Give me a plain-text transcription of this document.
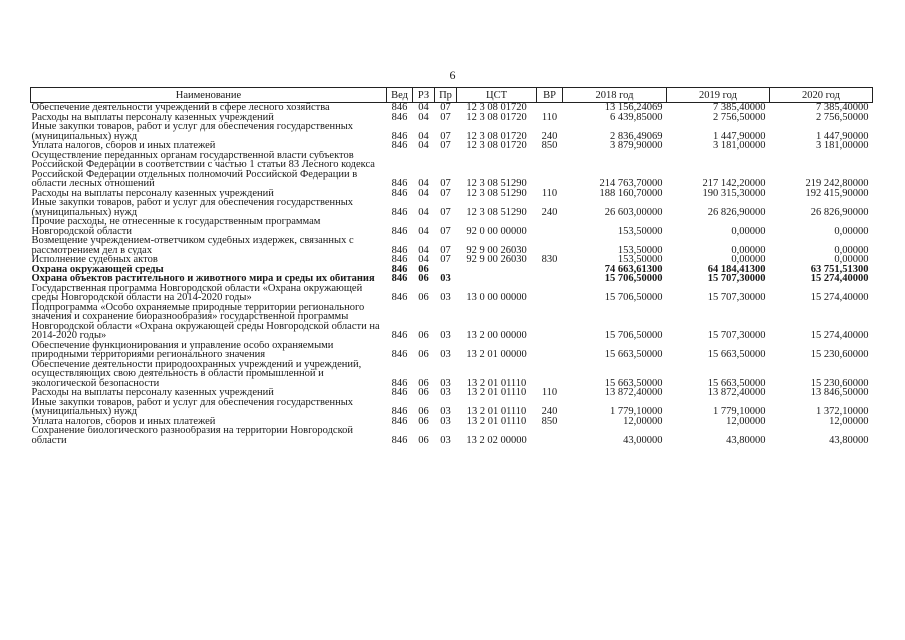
6
Наименование	Вед	РЗ	Пр	ЦСТ	ВР	2018 год	2019 год	2020 год
Обеспечение деятельности учреждений в сфере лесного хозяйства	846	04	07	12 3 08 01720		13 156,24069	7 385,40000	7 385,40000
Расходы на выплаты персоналу казенных учреждений	846	04	07	12 3 08 01720	110	6 439,85000	2 756,50000	2 756,50000
Иные закупки товаров, работ и услуг для обеспечения государственных (муниципальных) нужд	846	04	07	12 3 08 01720	240	2 836,49069	1 447,90000	1 447,90000
Уплата налогов, сборов и иных платежей	846	04	07	12 3 08 01720	850	3 879,90000	3 181,00000	3 181,00000
Осуществление переданных органам государственной власти субъектов Российской Федерации в соответствии с частью 1 статьи 83 Лесного кодекса Российской Федерации отдельных полномочий Российской Федерации в области лесных отношений	846	04	07	12 3 08 51290		214 763,70000	217 142,20000	219 242,80000
Расходы на выплаты персоналу казенных учреждений	846	04	07	12 3 08 51290	110	188 160,70000	190 315,30000	192 415,90000
Иные закупки товаров, работ и услуг для обеспечения государственных (муниципальных) нужд	846	04	07	12 3 08 51290	240	26 603,00000	26 826,90000	26 826,90000
Прочие расходы, не отнесенные к государственным программам Новгородской области	846	04	07	92 0 00 00000		153,50000	0,00000	0,00000
Возмещение учреждением-ответчиком судебных издержек, связанных с рассмотрением дел в судах	846	04	07	92 9 00 26030		153,50000	0,00000	0,00000
Исполнение судебных актов	846	04	07	92 9 00 26030	830	153,50000	0,00000	0,00000
Охрана окружающей среды	846	06				74 663,61300	64 184,41300	63 751,51300
Охрана объектов растительного и животного мира и среды их обитания	846	06	03			15 706,50000	15 707,30000	15 274,40000
Государственная программа Новгородской области «Охрана окружающей среды Новгородской области на 2014-2020 годы»	846	06	03	13 0 00 00000		15 706,50000	15 707,30000	15 274,40000
Подпрограмма «Особо охраняемые природные территории регионального значения и сохранение биоразнообразия» государственной программы Новгородской области «Охрана окружающей среды Новгородской области на 2014-2020 годы»	846	06	03	13 2 00 00000		15 706,50000	15 707,30000	15 274,40000
Обеспечение функционирования и управление особо охраняемыми природными территориями регионального значения	846	06	03	13 2 01 00000		15 663,50000	15 663,50000	15 230,60000
Обеспечение деятельности природоохранных учреждений и учреждений, осуществляющих свою деятельность в области промышленной и экологической безопасности	846	06	03	13 2 01 01110		15 663,50000	15 663,50000	15 230,60000
Расходы на выплаты персоналу казенных учреждений	846	06	03	13 2 01 01110	110	13 872,40000	13 872,40000	13 846,50000
Иные закупки товаров, работ и услуг для обеспечения государственных (муниципальных) нужд	846	06	03	13 2 01 01110	240	1 779,10000	1 779,10000	1 372,10000
Уплата налогов, сборов и иных платежей	846	06	03	13 2 01 01110	850	12,00000	12,00000	12,00000
Сохранение биологического разнообразия на территории Новгородской области	846	06	03	13 2 02 00000		43,00000	43,80000	43,80000
